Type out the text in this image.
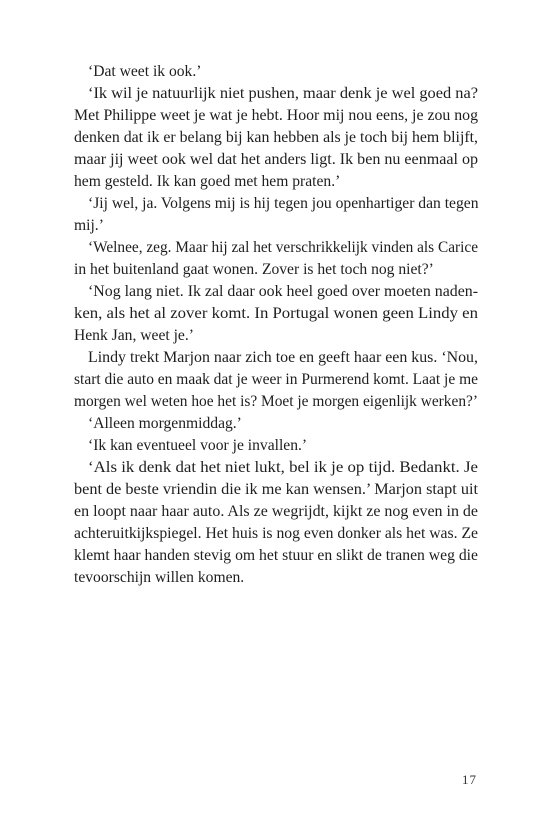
‘Dat weet ik ook.’
‘Ik wil je natuurlijk niet pushen, maar denk je wel goed na?
Met Philippe weet je wat je hebt. Hoor mij nou eens, je zou nog
denken dat ik er belang bij kan hebben als je toch bij hem blijft,
maar jij weet ook wel dat het anders ligt. Ik ben nu eenmaal op
hem gesteld. Ik kan goed met hem praten.’
‘Jij wel, ja. Volgens mij is hij tegen jou openhartiger dan tegen
mij.’
‘Welnee, zeg. Maar hij zal het verschrikkelijk vinden als Carice
in het buitenland gaat wonen. Zover is het toch nog niet?’
‘Nog lang niet. Ik zal daar ook heel goed over moeten naden-
ken, als het al zover komt. In Portugal wonen geen Lindy en
Henk Jan, weet je.’
Lindy trekt Marjon naar zich toe en geeft haar een kus. ‘Nou,
start die auto en maak dat je weer in Purmerend komt. Laat je me
morgen wel weten hoe het is? Moet je morgen eigenlijk werken?’
‘Alleen morgenmiddag.’
‘Ik kan eventueel voor je invallen.’
‘Als ik denk dat het niet lukt, bel ik je op tijd. Bedankt. Je
bent de beste vriendin die ik me kan wensen.’ Marjon stapt uit
en loopt naar haar auto. Als ze wegrijdt, kijkt ze nog even in de
achteruitkijkspiegel. Het huis is nog even donker als het was. Ze
klemt haar handen stevig om het stuur en slikt de tranen weg die
tevoorschijn willen komen.
17
